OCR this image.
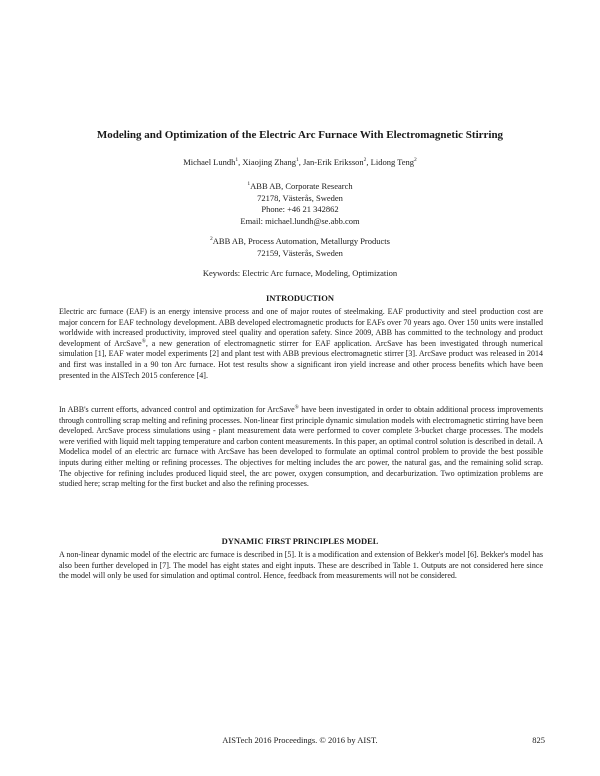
Modeling and Optimization of the Electric Arc Furnace With Electromagnetic Stirring
Michael Lundh$^1$, Xiaojing Zhang$^1$, Jan-Erik Eriksson$^2$, Lidong Teng$^2$
$^1$ABB AB, Corporate Research
72178, Västerås, Sweden
Phone: +46 21 342862
Email: michael.lundh@se.abb.com
$^2$ABB AB, Process Automation, Metallurgy Products
72159, Västerås, Sweden
Keywords: Electric Arc furnace, Modeling, Optimization
INTRODUCTION

Electric arc furnace (EAF) is an energy intensive process and one of major routes of steelmaking. EAF productivity and steel production cost are major concern for EAF technology development. ABB developed electromagnetic products for EAFs over 70 years ago. Over 150 units were installed worldwide with increased productivity, improved steel quality and operation safety. Since 2009, ABB has committed to the technology and product development of ArcSave®, a new generation of electromagnetic stirrer for EAF application. ArcSave has been investigated through numerical simulation [1], EAF water model experiments [2] and plant test with ABB previous electromagnetic stirrer [3]. ArcSave product was released in 2014 and first was installed in a 90 ton Arc furnace. Hot test results show a significant iron yield increase and other process benefits which have been presented in the AISTech 2015 conference [4].

In ABB's current efforts, advanced control and optimization for ArcSave® have been investigated in order to obtain additional process improvements through controlling scrap melting and refining processes. Non-linear first principle dynamic simulation models with electromagnetic stirring have been developed. ArcSave process simulations using - plant measurement data were performed to cover complete 3-bucket charge processes. The models were verified with liquid melt tapping temperature and carbon content measurements. In this paper, an optimal control solution is described in detail. A Modelica model of an electric arc furnace with ArcSave has been developed to formulate an optimal control problem to provide the best possible inputs during either melting or refining processes. The objectives for melting includes the arc power, the natural gas, and the remaining solid scrap. The objective for refining includes produced liquid steel, the arc power, oxygen consumption, and decarburization. Two optimization problems are studied here; scrap melting for the first bucket and also the refining processes.

DYNAMIC FIRST PRINCIPLES MODEL

A non-linear dynamic model of the electric arc furnace is described in [5]. It is a modification and extension of Bekker's model [6]. Bekker's model has also been further developed in [7]. The model has eight states and eight inputs. These are described in Table 1. Outputs are not considered here since the model will only be used for simulation and optimal control. Hence, feedback from measurements will not be considered.

AISTech 2016 Proceedings. © 2016 by AIST.	825
